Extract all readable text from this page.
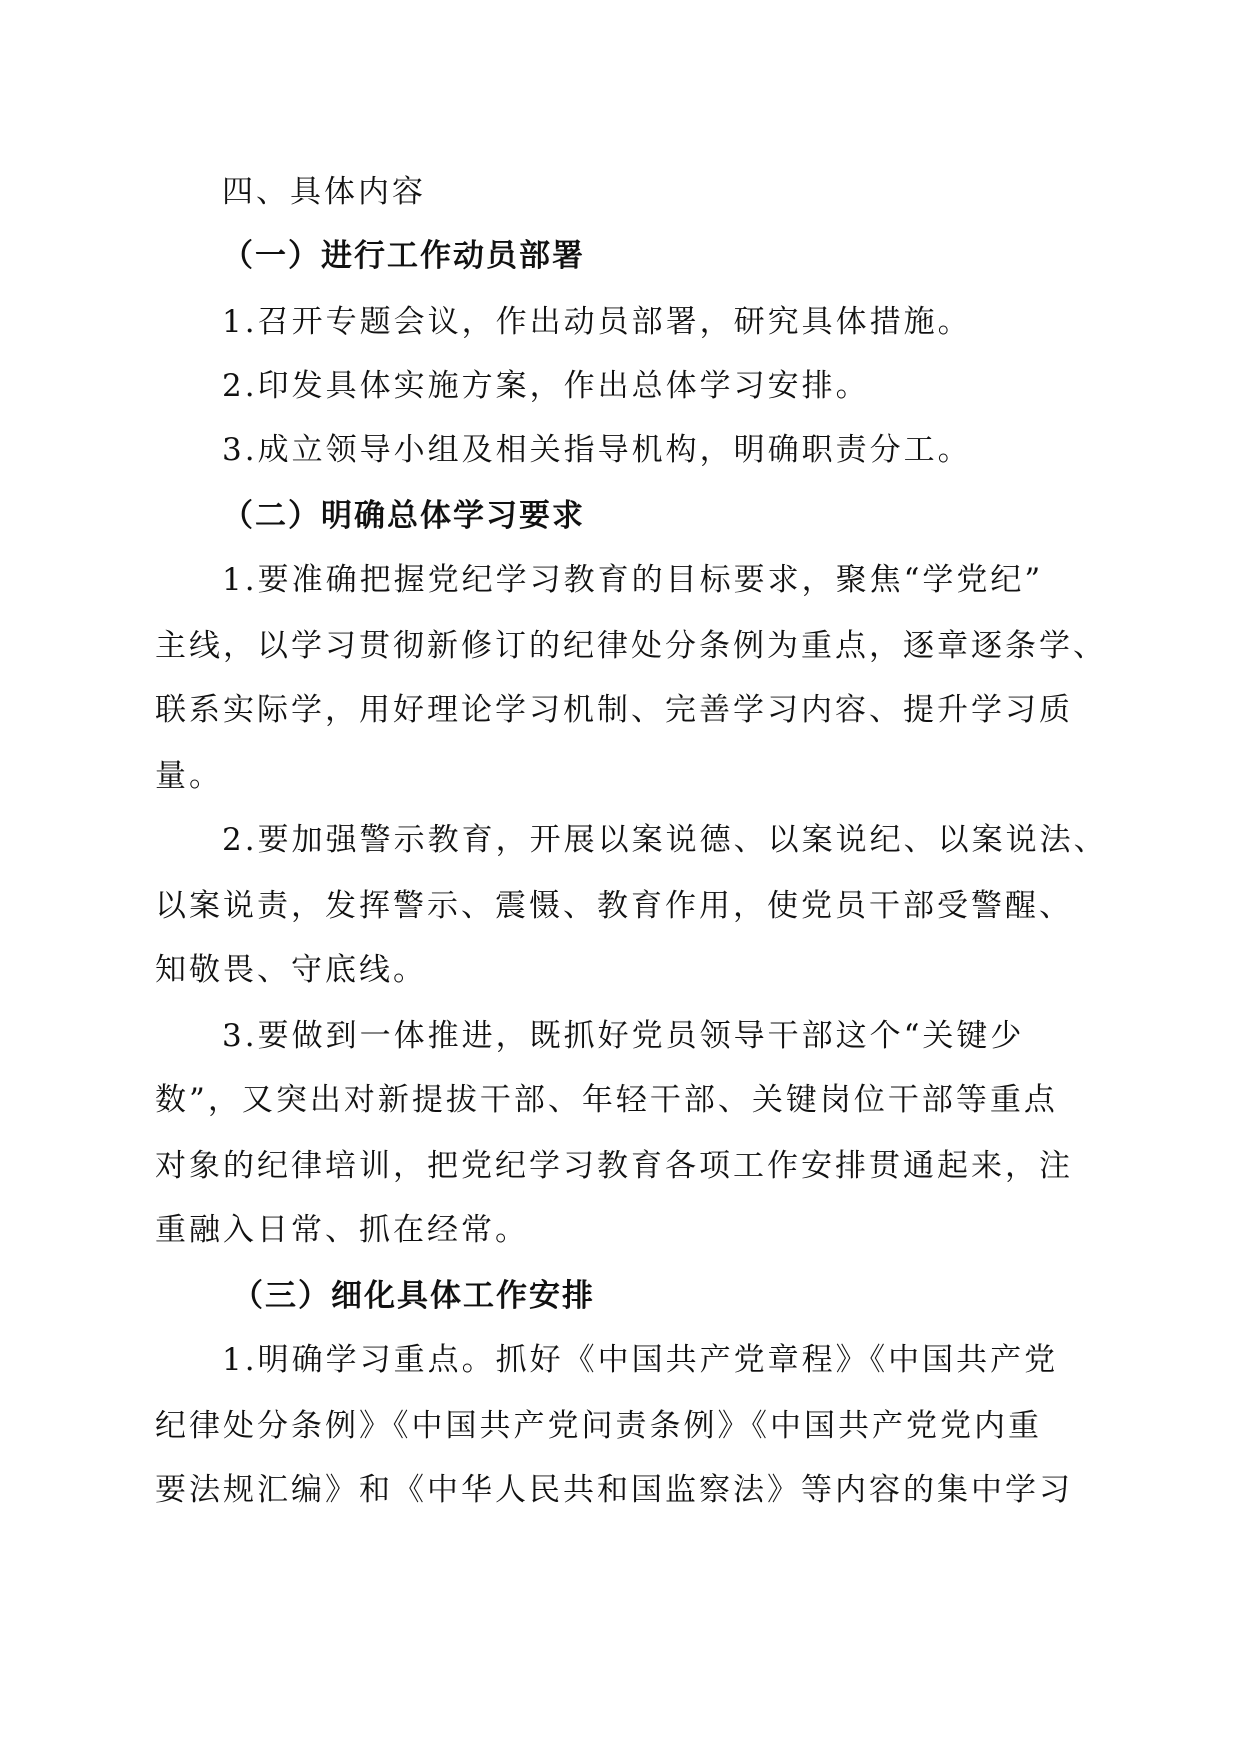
四、具体内容
（一）进行工作动员部署
1.召开专题会议，作出动员部署，研究具体措施。
2.印发具体实施方案，作出总体学习安排。
3.成立领导小组及相关指导机构，明确职责分工。
（二）明确总体学习要求
1.要准确把握党纪学习教育的目标要求，聚焦“学党纪”
主线，以学习贯彻新修订的纪律处分条例为重点，逐章逐条学、
联系实际学，用好理论学习机制、完善学习内容、提升学习质
量。
2.要加强警示教育，开展以案说德、以案说纪、以案说法、
以案说责，发挥警示、震慑、教育作用，使党员干部受警醒、
知敬畏、守底线。
3.要做到一体推进，既抓好党员领导干部这个“关键少
数”，又突出对新提拔干部、年轻干部、关键岗位干部等重点
对象的纪律培训，把党纪学习教育各项工作安排贯通起来，注
重融入日常、抓在经常。
（三）细化具体工作安排
1.明确学习重点。抓好《中国共产党章程》《中国共产党
纪律处分条例》《中国共产党问责条例》《中国共产党党内重
要法规汇编》和《中华人民共和国监察法》等内容的集中学习
